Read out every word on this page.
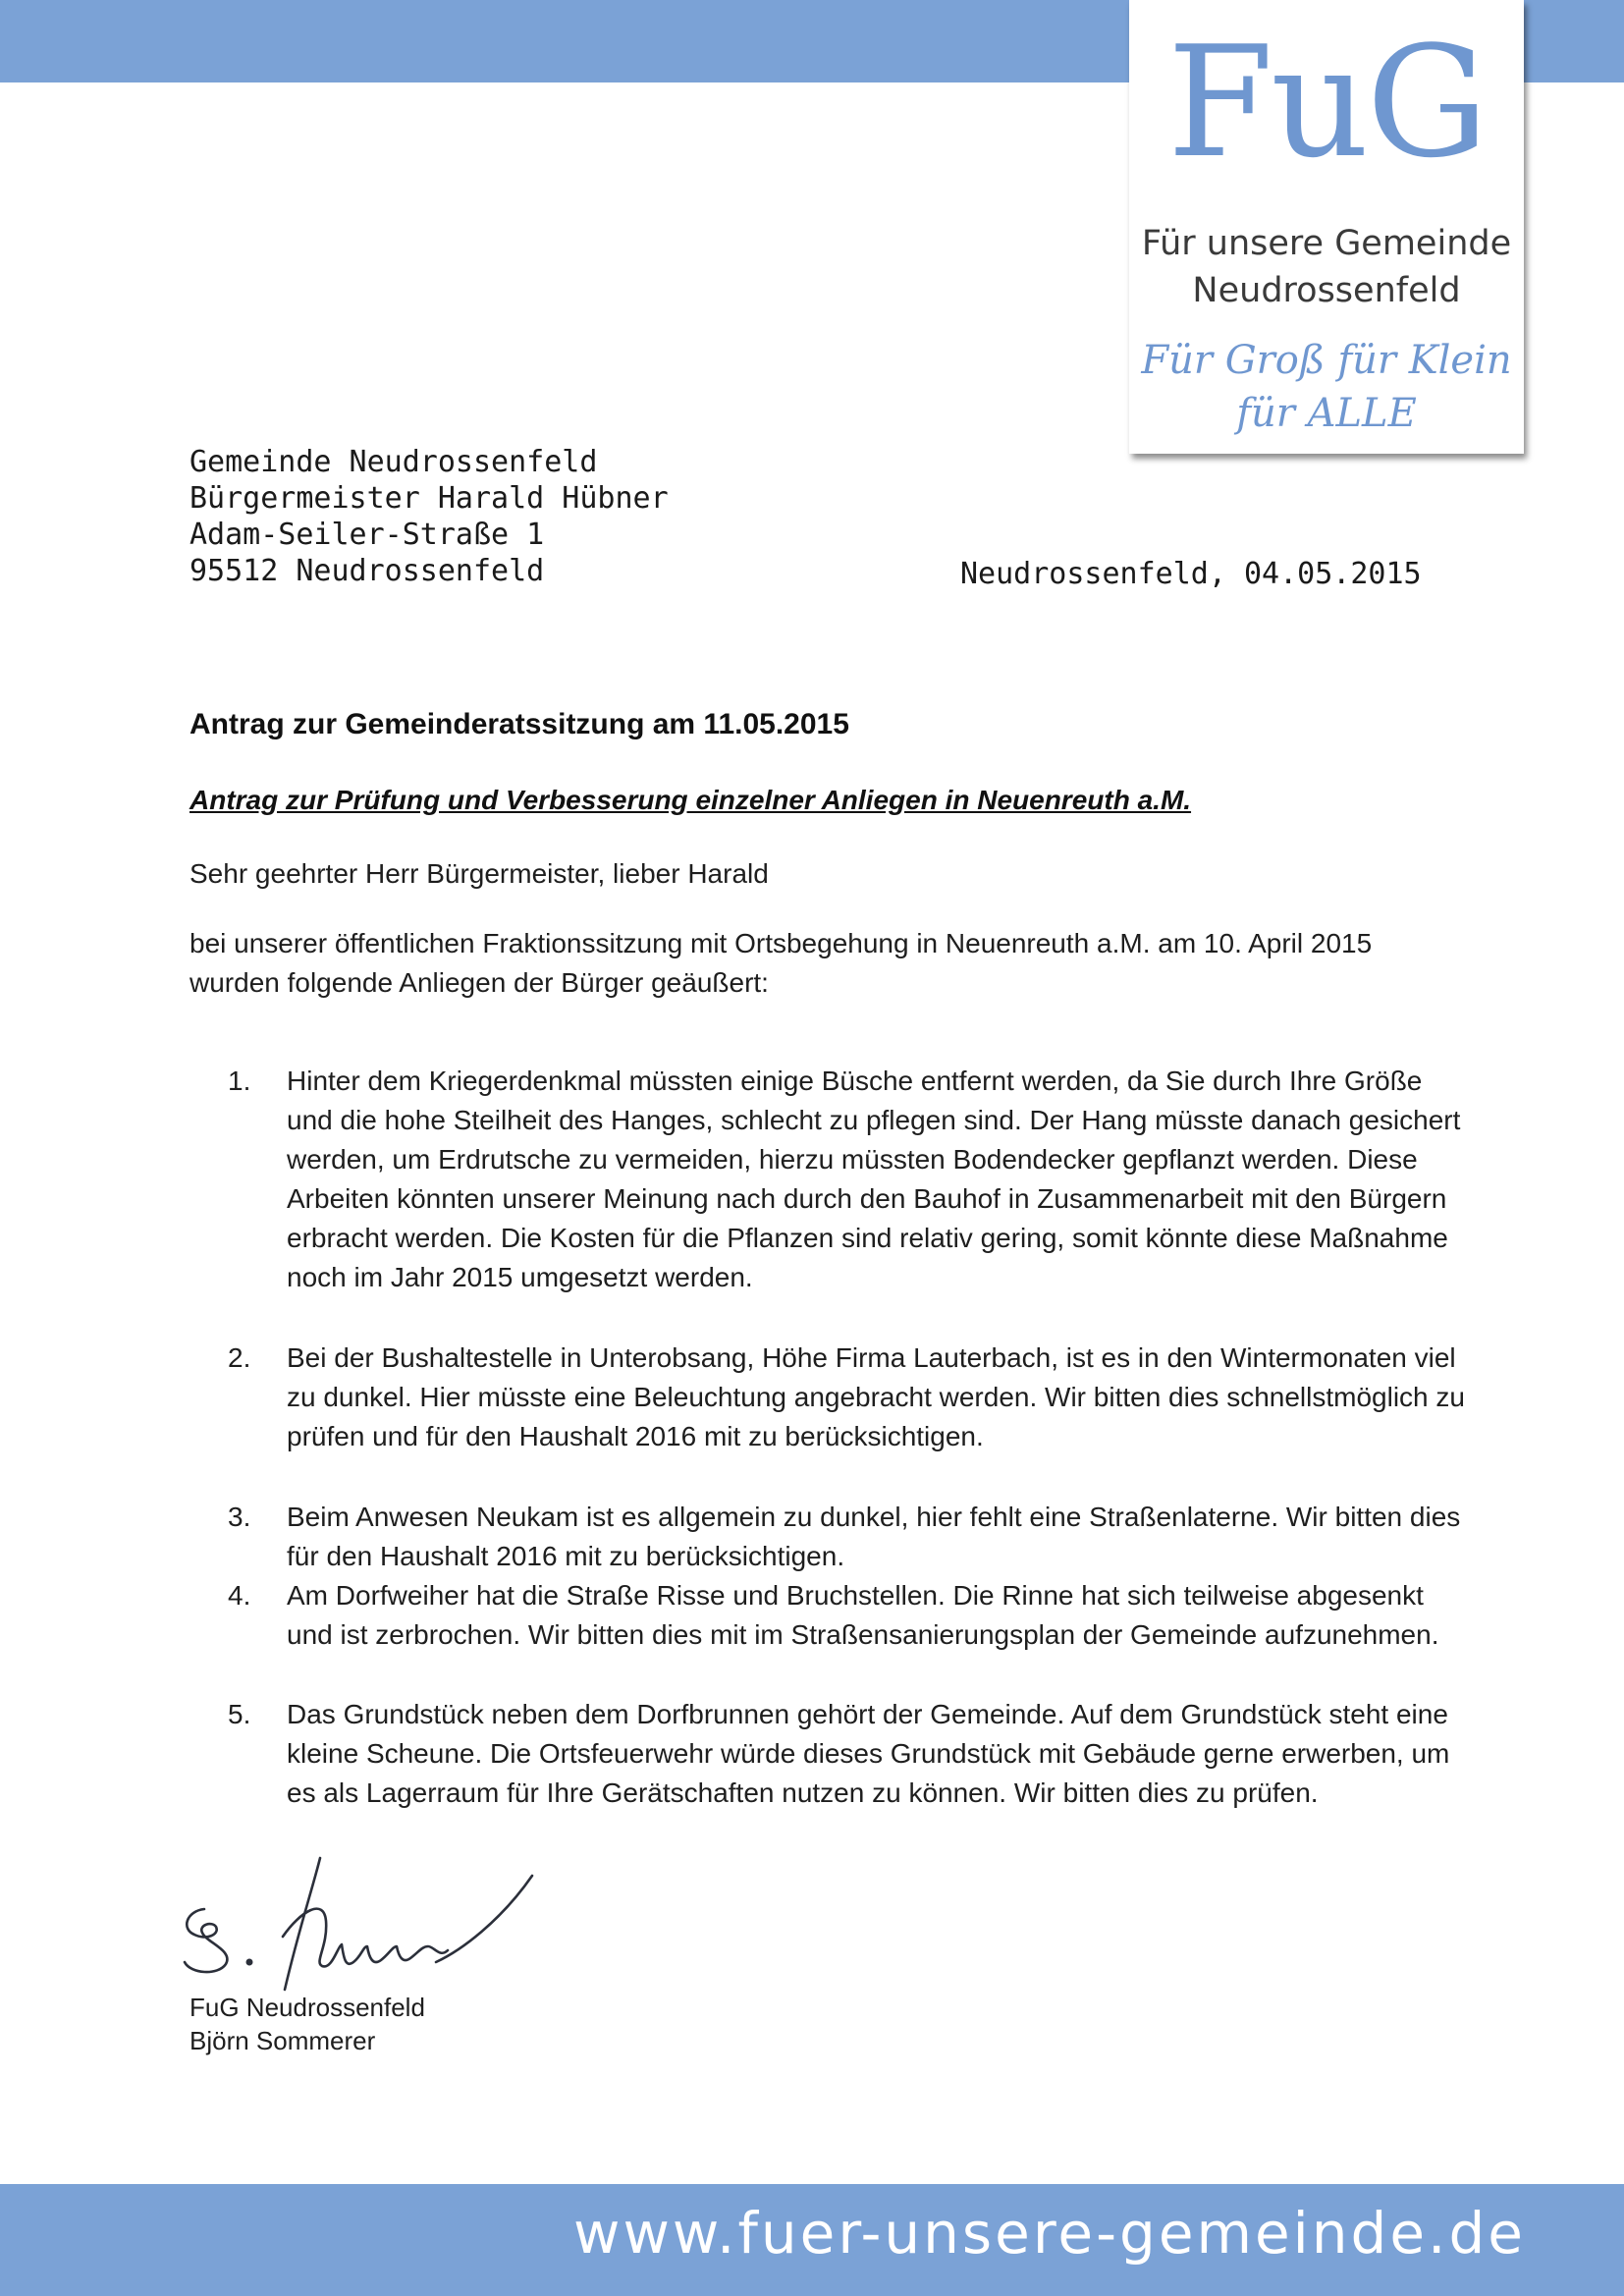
FuG
Für unsere Gemeinde
Neudrossenfeld
Für Groß für Klein
für ALLE
Gemeinde Neudrossenfeld
Bürgermeister Harald Hübner
Adam-Seiler-Straße 1
95512 Neudrossenfeld	Neudrossenfeld, 04.05.2015
Antrag zur Gemeinderatssitzung am 11.05.2015
Antrag zur Prüfung und Verbesserung einzelner Anliegen in Neuenreuth a.M.
Sehr geehrter Herr Bürgermeister, lieber Harald
bei unserer öffentlichen Fraktionssitzung mit Ortsbegehung in Neuenreuth a.M. am 10. April 2015 wurden folgende Anliegen der Bürger geäußert:
1.	Hinter dem Kriegerdenkmal müssten einige Büsche entfernt werden, da Sie durch Ihre Größe und die hohe Steilheit des Hanges, schlecht zu pflegen sind. Der Hang müsste danach gesichert werden, um Erdrutsche zu vermeiden, hierzu müssten Bodendecker gepflanzt werden. Diese Arbeiten könnten unserer Meinung nach durch den Bauhof in Zusammenarbeit mit den Bürgern erbracht werden. Die Kosten für die Pflanzen sind relativ gering, somit könnte diese Maßnahme noch im Jahr 2015 umgesetzt werden.
2.	Bei der Bushaltestelle in Unterobsang, Höhe Firma Lauterbach, ist es in den Wintermonaten viel zu dunkel. Hier müsste eine Beleuchtung angebracht werden. Wir bitten dies schnellstmöglich zu prüfen und für den Haushalt 2016 mit zu berücksichtigen.
3.	Beim Anwesen Neukam ist es allgemein zu dunkel, hier fehlt eine Straßenlaterne. Wir bitten dies für den Haushalt 2016 mit zu berücksichtigen.
4.	Am Dorfweiher hat die Straße Risse und Bruchstellen. Die Rinne hat sich teilweise abgesenkt und ist zerbrochen. Wir bitten dies mit im Straßensanierungsplan der Gemeinde aufzunehmen.
5.	Das Grundstück neben dem Dorfbrunnen gehört der Gemeinde. Auf dem Grundstück steht eine kleine Scheune. Die Ortsfeuerwehr würde dieses Grundstück mit Gebäude gerne erwerben, um es als Lagerraum für Ihre Gerätschaften nutzen zu können. Wir bitten dies zu prüfen.
FuG Neudrossenfeld
Björn Sommerer
www.fuer-unsere-gemeinde.de
